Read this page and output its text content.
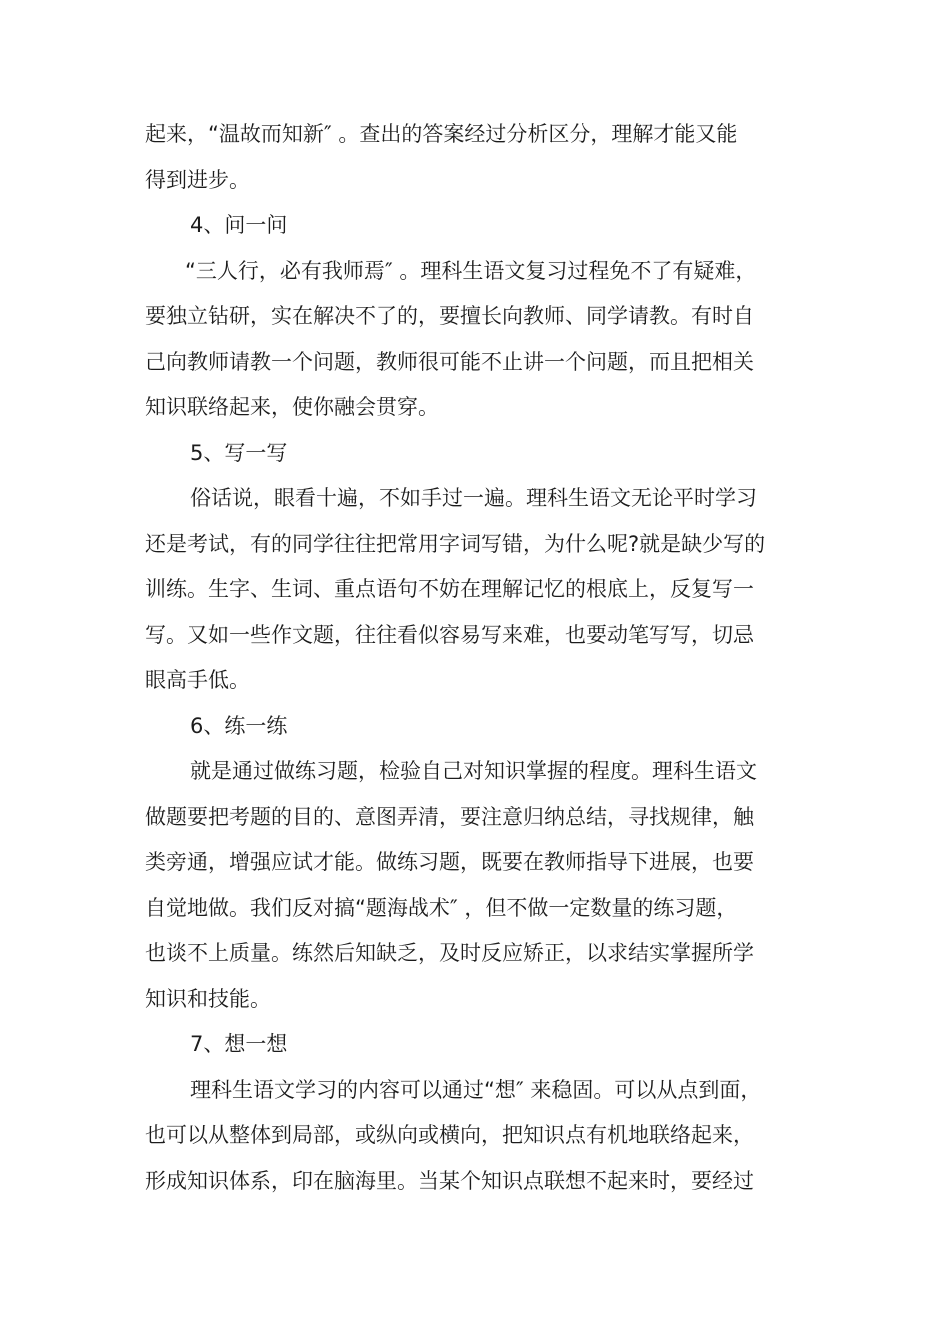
起来，“温故而知新″ 。查出的答案经过分析区分，理解才能又能
得到进步。
4、问一问
“三人行，必有我师焉″ 。理科生语文复习过程免不了有疑难，
要独立钻研，实在解决不了的，要擅长向教师、同学请教。有时自
己向教师请教一个问题，教师很可能不止讲一个问题，而且把相关
知识联络起来，使你融会贯穿。
5、写一写
俗话说，眼看十遍，不如手过一遍。理科生语文无论平时学习
还是考试，有的同学往往把常用字词写错，为什么呢?就是缺少写的
训练。生字、生词、重点语句不妨在理解记忆的根底上，反复写一
写。又如一些作文题，往往看似容易写来难，也要动笔写写，切忌
眼高手低。
6、练一练
就是通过做练习题，检验自己对知识掌握的程度。理科生语文
做题要把考题的目的、意图弄清，要注意归纳总结，寻找规律，触
类旁通，增强应试才能。做练习题，既要在教师指导下进展，也要
自觉地做。我们反对搞“题海战术″ ，但不做一定数量的练习题，
也谈不上质量。练然后知缺乏，及时反应矫正，以求结实掌握所学
知识和技能。
7、想一想
理科生语文学习的内容可以通过“想″ 来稳固。可以从点到面，
也可以从整体到局部，或纵向或横向，把知识点有机地联络起来，
形成知识体系，印在脑海里。当某个知识点联想不起来时，要经过
